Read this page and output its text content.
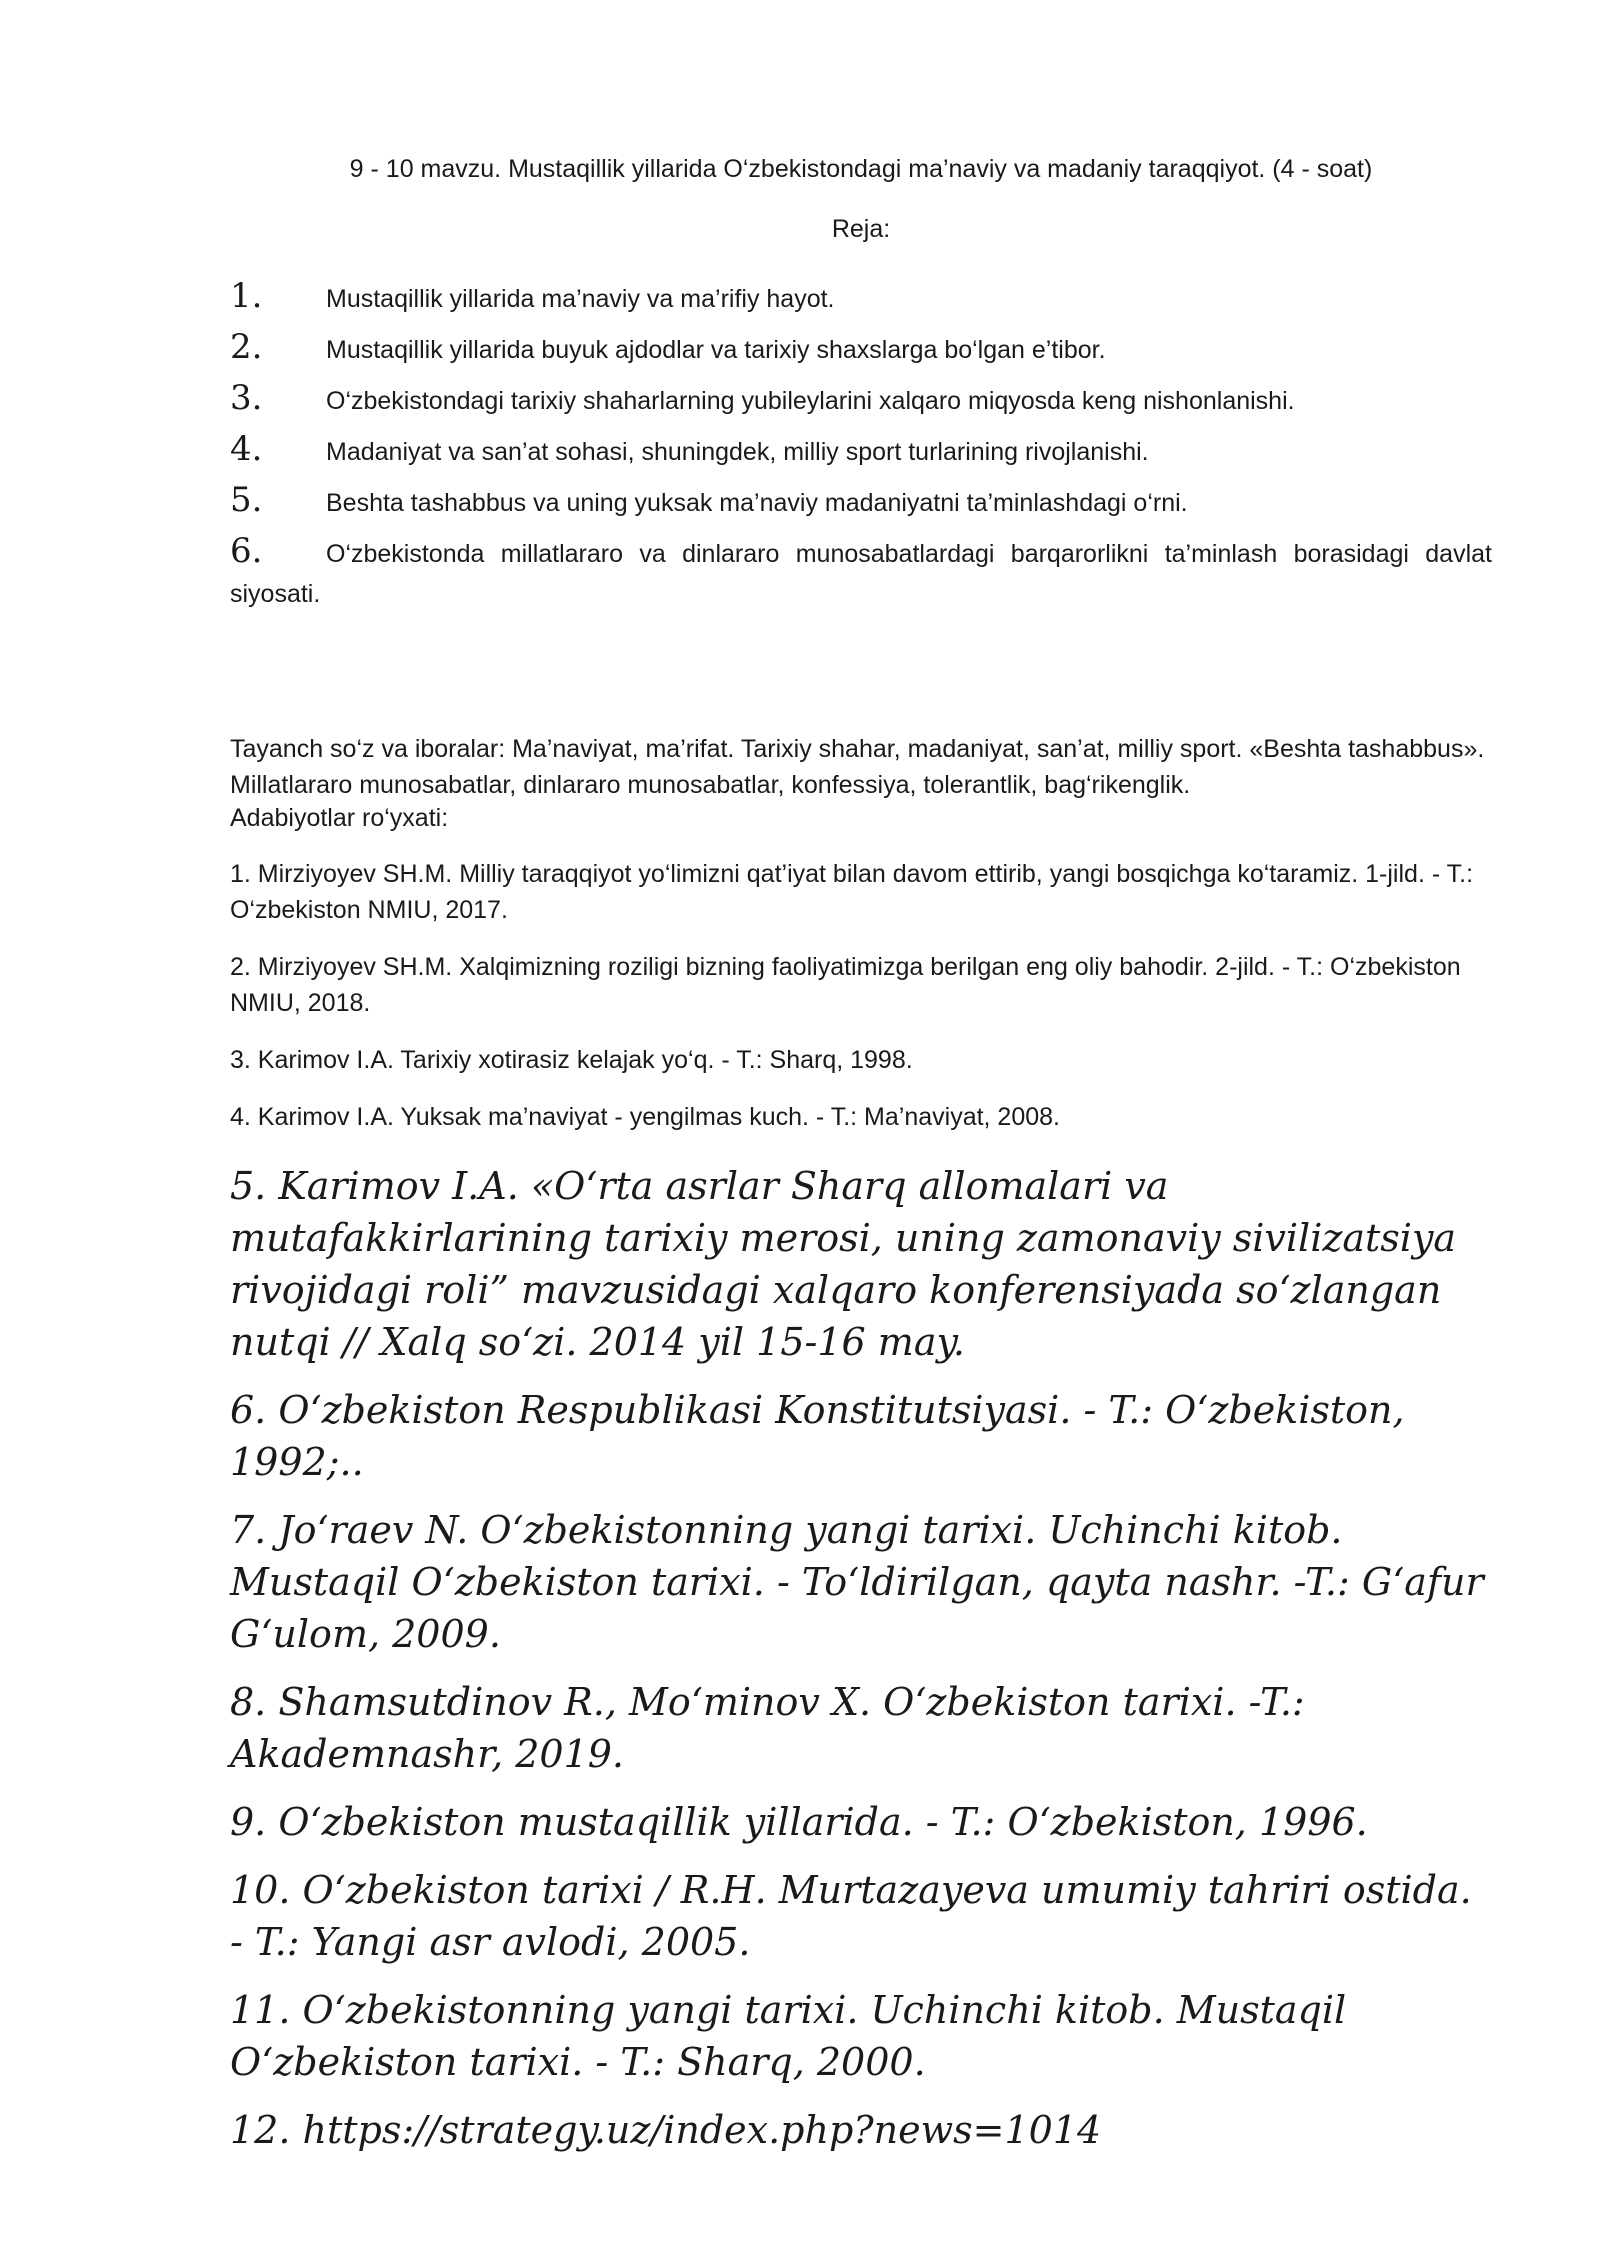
9 - 10 mavzu. Mustaqillik yillarida O‘zbekistondagi ma’naviy va madaniy taraqqiyot. (4 - soat)
Reja:
1.	Mustaqillik yillarida ma’naviy va ma’rifiy hayot.
2.	Mustaqillik yillarida buyuk ajdodlar va tarixiy shaxslarga bo‘lgan e’tibor.
3.	O‘zbekistondagi tarixiy shaharlarning yubileylarini xalqaro miqyosda keng nishonlanishi.
4.	Madaniyat va san’at sohasi, shuningdek, milliy sport turlarining rivojlanishi.
5.	Beshta tashabbus va uning yuksak ma’naviy madaniyatni ta’minlashdagi o‘rni.
6.	O‘zbekistonda millatlararo va dinlararo munosabatlardagi barqarorlikni ta’minlash borasidagi davlat siyosati.

Tayanch so‘z va iboralar: Ma’naviyat, ma’rifat. Tarixiy shahar, madaniyat, san’at, milliy sport. «Beshta tashabbus». Millatlararo munosabatlar, dinlararo munosabatlar, konfessiya, tolerantlik, bag‘rikenglik.

Adabiyotlar ro‘yxati:
1. Mirziyoyev SH.M. Milliy taraqqiyot yo‘limizni qat’iyat bilan davom ettirib, yangi bosqichga ko‘taramiz. 1-jild. - T.: O‘zbekiston NMIU, 2017.
2. Mirziyoyev SH.M. Xalqimizning roziligi bizning faoliyatimizga berilgan eng oliy bahodir. 2-jild. - T.: O‘zbekiston NMIU, 2018.
3. Karimov I.A. Tarixiy xotirasiz kelajak yo‘q. - T.: Sharq, 1998.
4. Karimov I.A. Yuksak ma’naviyat - yengilmas kuch. - T.: Ma’naviyat, 2008.
5. Karimov I.A. «O‘rta asrlar Sharq allomalari va mutafakkirlarining tarixiy merosi, uning zamonaviy sivilizatsiya rivojidagi roli” mavzusidagi xalqaro konferensiyada so‘zlangan nutqi // Xalq so‘zi. 2014 yil 15-16 may.
6. O‘zbekiston Respublikasi Konstitutsiyasi. - T.: O‘zbekiston, 1992;..
7. Jo‘raev N. O‘zbekistonning yangi tarixi. Uchinchi kitob. Mustaqil O‘zbekiston tarixi. - To‘ldirilgan, qayta nashr. -T.: G‘afur G‘ulom, 2009.
8. Shamsutdinov R., Mo‘minov X. O‘zbekiston tarixi. -T.: Akademnashr, 2019.
9. O‘zbekiston mustaqillik yillarida. - T.: O‘zbekiston, 1996.
10. O‘zbekiston tarixi / R.H. Murtazayeva umumiy tahriri ostida. - T.: Yangi asr avlodi, 2005.
11. O‘zbekistonning yangi tarixi. Uchinchi kitob. Mustaqil O‘zbekiston tarixi. - T.: Sharq, 2000.
12. https://strategy.uz/index.php?news=1014
